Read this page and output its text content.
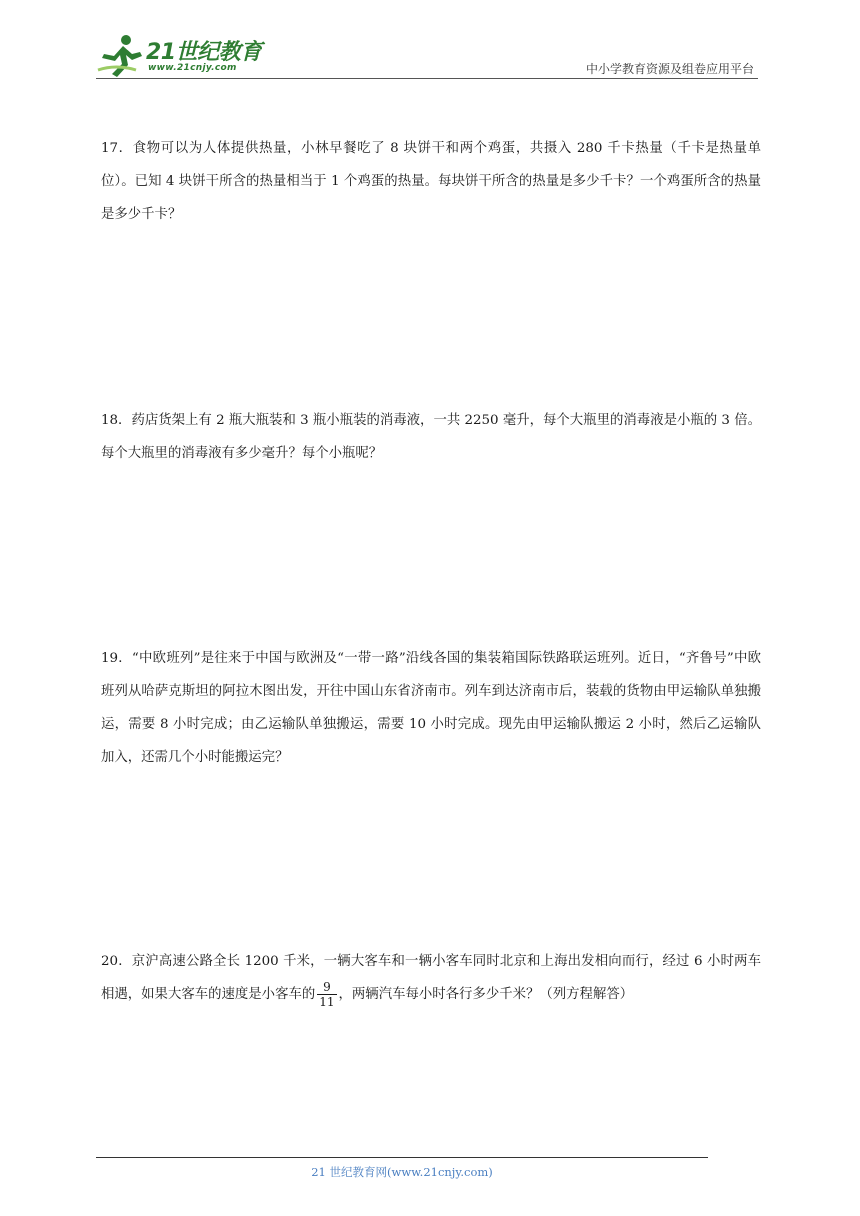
21世纪教育
www.21cnjy.com	中小学教育资源及组卷应用平台

17．食物可以为人体提供热量，小林早餐吃了 8 块饼干和两个鸡蛋，共摄入 280 千卡热量（千卡是热量单位）。已知 4 块饼干所含的热量相当于 1 个鸡蛋的热量。每块饼干所含的热量是多少千卡？一个鸡蛋所含的热量是多少千卡？

18．药店货架上有 2 瓶大瓶装和 3 瓶小瓶装的消毒液，一共 2250 毫升，每个大瓶里的消毒液是小瓶的 3 倍。每个大瓶里的消毒液有多少毫升？每个小瓶呢？

19．“中欧班列”是往来于中国与欧洲及“一带一路”沿线各国的集装箱国际铁路联运班列。近日，“齐鲁号”中欧班列从哈萨克斯坦的阿拉木图出发，开往中国山东省济南市。列车到达济南市后，装载的货物由甲运输队单独搬运，需要 8 小时完成；由乙运输队单独搬运，需要 10 小时完成。现先由甲运输队搬运 2 小时，然后乙运输队加入，还需几个小时能搬运完？

20．京沪高速公路全长 1200 千米，一辆大客车和一辆小客车同时北京和上海出发相向而行，经过 6 小时两车相遇，如果大客车的速度是小客车的 $\frac{9}{11}$ ，两辆汽车每小时各行多少千米？（列方程解答）

21 世纪教育网(www.21cnjy.com)
